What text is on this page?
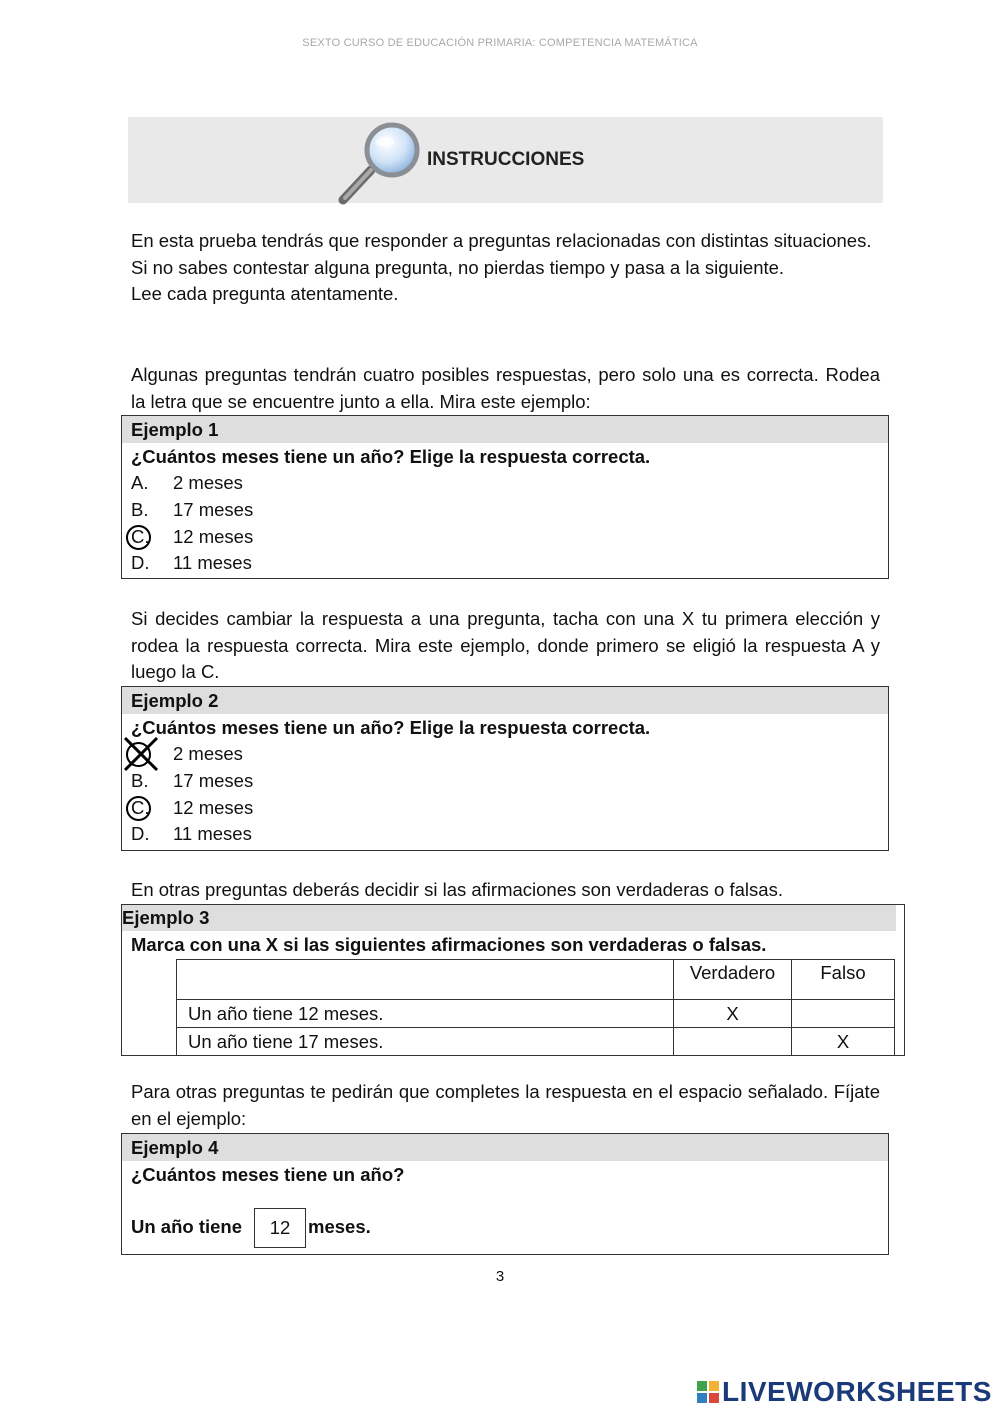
SEXTO CURSO DE EDUCACIÓN PRIMARIA: COMPETENCIA MATEMÁTICA
INSTRUCCIONES

En esta prueba tendrás que responder a preguntas relacionadas con distintas situaciones.

Si no sabes contestar alguna pregunta, no pierdas tiempo y pasa a la siguiente.

Lee cada pregunta atentamente.

Algunas preguntas tendrán cuatro posibles respuestas, pero solo una es correcta. Rodea la letra que se encuentre junto a ella. Mira este ejemplo:
Ejemplo 1
¿Cuántos meses tiene un año? Elige la respuesta correcta.
A. 2 meses
B. 17 meses
C. 12 meses
D. 11 meses
Si decides cambiar la respuesta a una pregunta, tacha con una X tu primera elección y rodea la respuesta correcta. Mira este ejemplo, donde primero se eligió la respuesta A y luego la C.
Ejemplo 2
¿Cuántos meses tiene un año? Elige la respuesta correcta.
2 meses
B. 17 meses
C. 12 meses
D. 11 meses
En otras preguntas deberás decidir si las afirmaciones son verdaderas o falsas.
Ejemplo 3
Marca con una X si las siguientes afirmaciones son verdaderas o falsas.
	Verdadero	Falso
Un año tiene 12 meses.	X	
Un año tiene 17 meses.		X
Para otras preguntas te pedirán que completes la respuesta en el espacio señalado. Fíjate en el ejemplo:
Ejemplo 4
¿Cuántos meses tiene un año?
Un año tiene 12 meses.
3
LIVEWORKSHEETS
